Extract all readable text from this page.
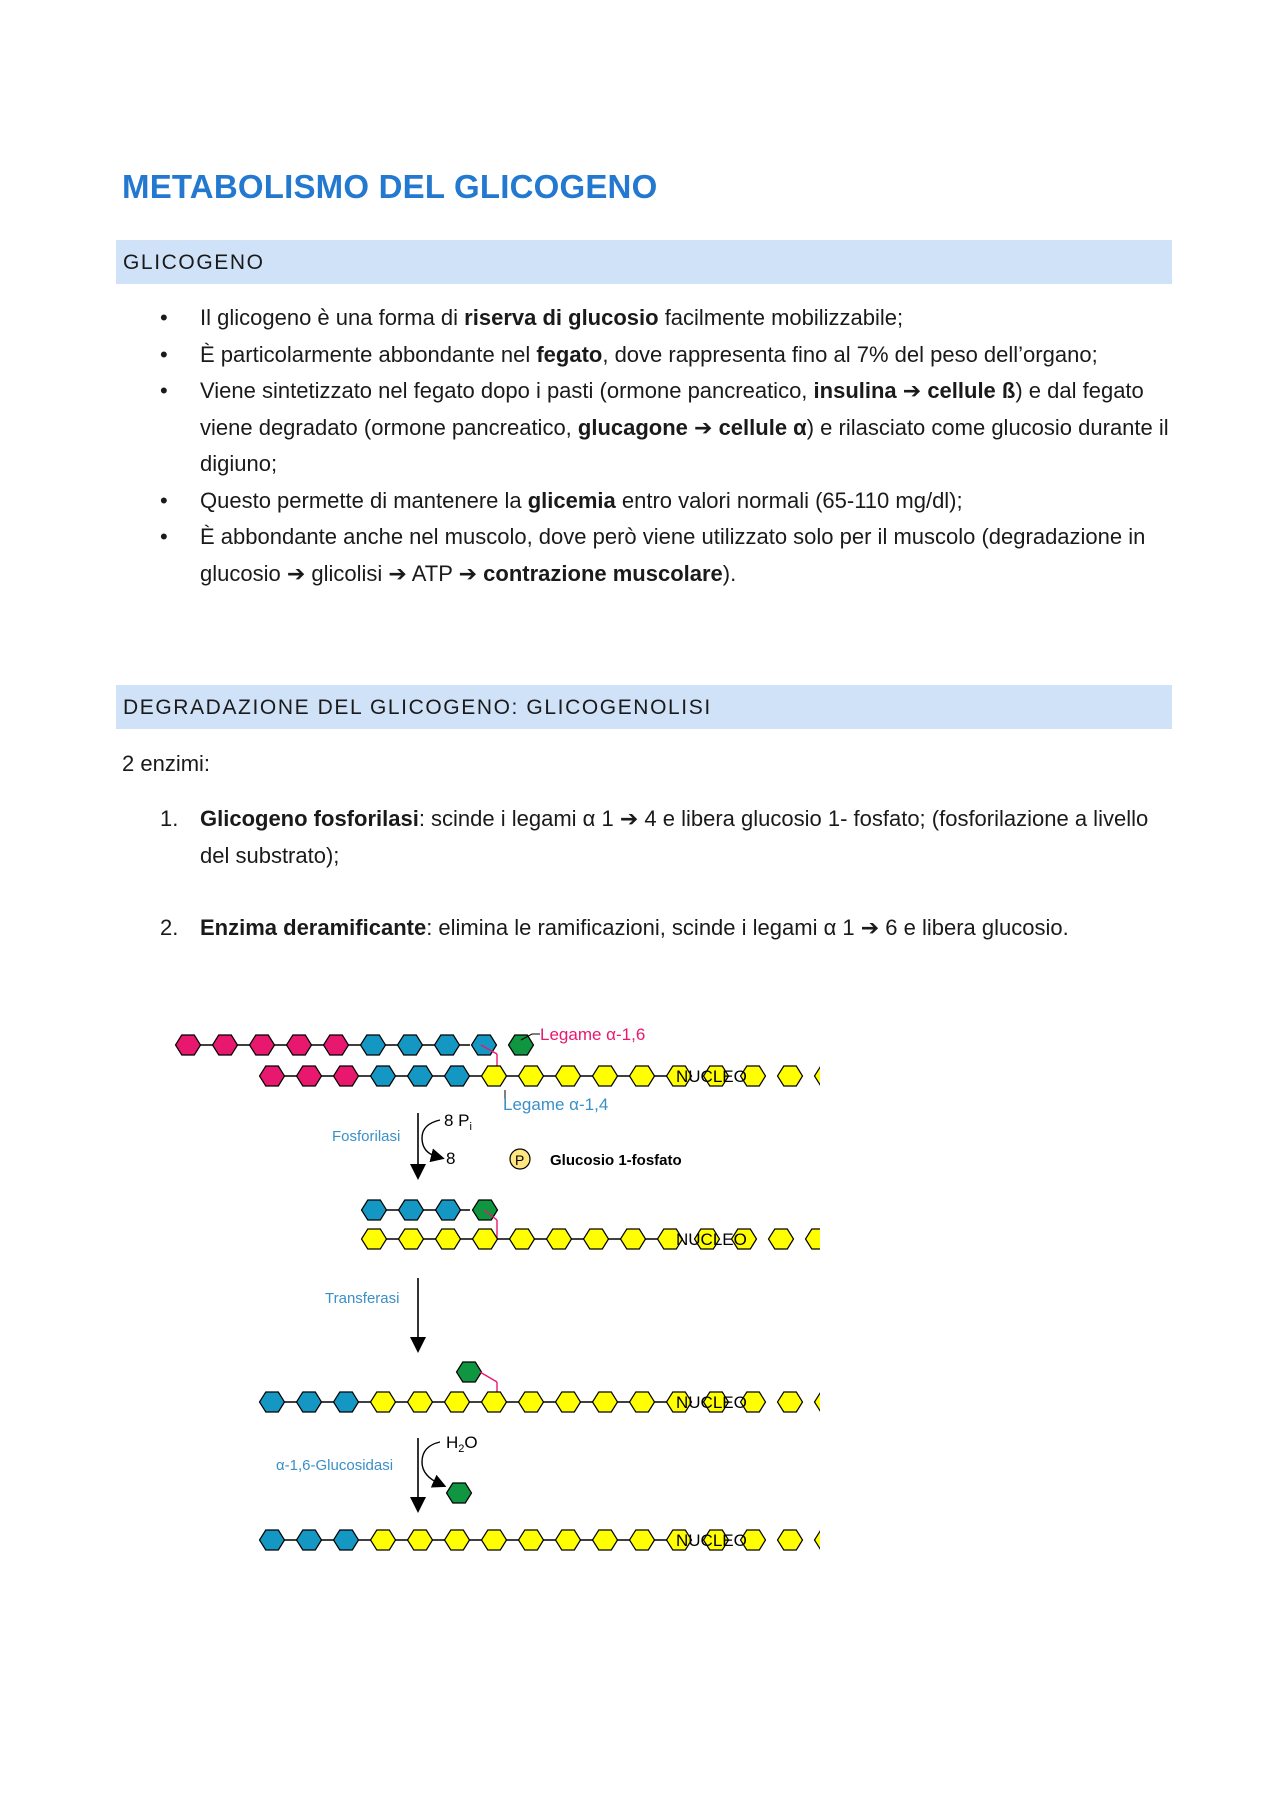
METABOLISMO DEL GLICOGENO
GLICOGENO
• Il glicogeno è una forma di riserva di glucosio facilmente mobilizzabile;
• È particolarmente abbondante nel fegato, dove rappresenta fino al 7% del peso dell’organo;
• Viene sintetizzato nel fegato dopo i pasti (ormone pancreatico, insulina ➔ cellule ß) e dal fegato viene degradato (ormone pancreatico, glucagone ➔ cellule α) e rilasciato come glucosio durante il digiuno;
• Questo permette di mantenere la glicemia entro valori normali (65-110 mg/dl);
• È abbondante anche nel muscolo, dove però viene utilizzato solo per il muscolo (degradazione in glucosio ➔ glicolisi ➔ ATP ➔ contrazione muscolare).
DEGRADAZIONE DEL GLICOGENO: GLICOGENOLISI

2 enzimi:

1. Glicogeno fosforilasi: scinde i legami α 1 ➔ 4 e libera glucosio 1- fosfato; (fosforilazione a livello del substrato);

2. Enzima deramificante: elimina le ramificazioni, scinde i legami α 1 ➔ 6 e libera glucosio.

Legame α-1,6
Legame α-1,4
NUCLEO
NUCLEO
NUCLEO
NUCLEO
Fosforilasi
8 $P_i$
8	P Glucosio 1-fosfato
Transferasi
α-1,6-Glucosidasi
$H_2O$
